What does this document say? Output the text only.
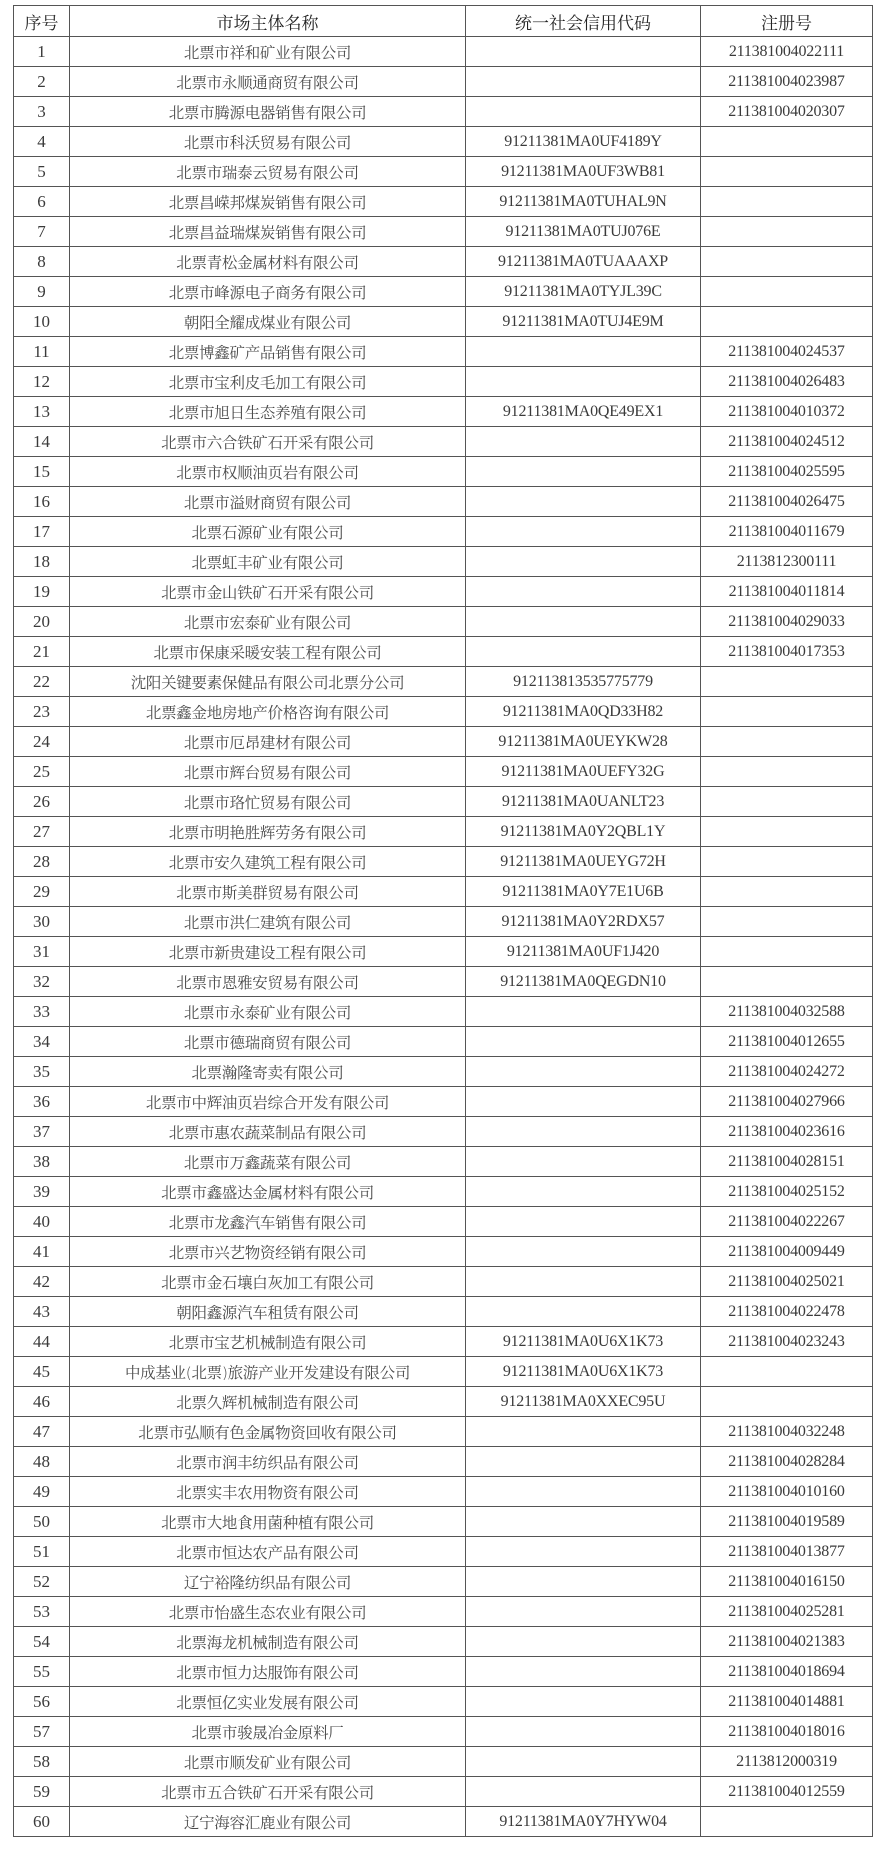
序号	市场主体名称	统一社会信用代码	注册号
1	北票市祥和矿业有限公司		211381004022111
2	北票市永顺通商贸有限公司		211381004023987
3	北票市腾源电器销售有限公司		211381004020307
4	北票市科沃贸易有限公司	91211381MA0UF4189Y	
5	北票市瑞泰云贸易有限公司	91211381MA0UF3WB81	
6	北票昌嵘邦煤炭销售有限公司	91211381MA0TUHAL9N	
7	北票昌益瑞煤炭销售有限公司	91211381MA0TUJ076E	
8	北票青松金属材料有限公司	91211381MA0TUAAAXP	
9	北票市峰源电子商务有限公司	91211381MA0TYJL39C	
10	朝阳全耀成煤业有限公司	91211381MA0TUJ4E9M	
11	北票博鑫矿产品销售有限公司		211381004024537
12	北票市宝利皮毛加工有限公司		211381004026483
13	北票市旭日生态养殖有限公司	91211381MA0QE49EX1	211381004010372
14	北票市六合铁矿石开采有限公司		211381004024512
15	北票市权顺油页岩有限公司		211381004025595
16	北票市溢财商贸有限公司		211381004026475
17	北票石源矿业有限公司		211381004011679
18	北票虹丰矿业有限公司		2113812300111
19	北票市金山铁矿石开采有限公司		211381004011814
20	北票市宏泰矿业有限公司		211381004029033
21	北票市保康采暖安装工程有限公司		211381004017353
22	沈阳关键要素保健品有限公司北票分公司	912113813535775779	
23	北票鑫金地房地产价格咨询有限公司	91211381MA0QD33H82	
24	北票市厄昂建材有限公司	91211381MA0UEYKW28	
25	北票市辉台贸易有限公司	91211381MA0UEFY32G	
26	北票市珞忙贸易有限公司	91211381MA0UANLT23	
27	北票市明艳胜辉劳务有限公司	91211381MA0Y2QBL1Y	
28	北票市安久建筑工程有限公司	91211381MA0UEYG72H	
29	北票市斯美群贸易有限公司	91211381MA0Y7E1U6B	
30	北票市洪仁建筑有限公司	91211381MA0Y2RDX57	
31	北票市新贵建设工程有限公司	91211381MA0UF1J420	
32	北票市恩雅安贸易有限公司	91211381MA0QEGDN10	
33	北票市永泰矿业有限公司		211381004032588
34	北票市德瑞商贸有限公司		211381004012655
35	北票瀚隆寄卖有限公司		211381004024272
36	北票市中辉油页岩综合开发有限公司		211381004027966
37	北票市惠农蔬菜制品有限公司		211381004023616
38	北票市万鑫蔬菜有限公司		211381004028151
39	北票市鑫盛达金属材料有限公司		211381004025152
40	北票市龙鑫汽车销售有限公司		211381004022267
41	北票市兴艺物资经销有限公司		211381004009449
42	北票市金石壤白灰加工有限公司		211381004025021
43	朝阳鑫源汽车租赁有限公司		211381004022478
44	北票市宝艺机械制造有限公司	91211381MA0U6X1K73	211381004023243
45	中成基业(北票)旅游产业开发建设有限公司	91211381MA0U6X1K73	
46	北票久辉机械制造有限公司	91211381MA0XXEC95U	
47	北票市弘顺有色金属物资回收有限公司		211381004032248
48	北票市润丰纺织品有限公司		211381004028284
49	北票实丰农用物资有限公司		211381004010160
50	北票市大地食用菌种植有限公司		211381004019589
51	北票市恒达农产品有限公司		211381004013877
52	辽宁裕隆纺织品有限公司		211381004016150
53	北票市怡盛生态农业有限公司		211381004025281
54	北票海龙机械制造有限公司		211381004021383
55	北票市恒力达服饰有限公司		211381004018694
56	北票恒亿实业发展有限公司		211381004014881
57	北票市骏晟冶金原料厂		211381004018016
58	北票市顺发矿业有限公司		2113812000319
59	北票市五合铁矿石开采有限公司		211381004012559
60	辽宁海容汇鹿业有限公司	91211381MA0Y7HYW04	
